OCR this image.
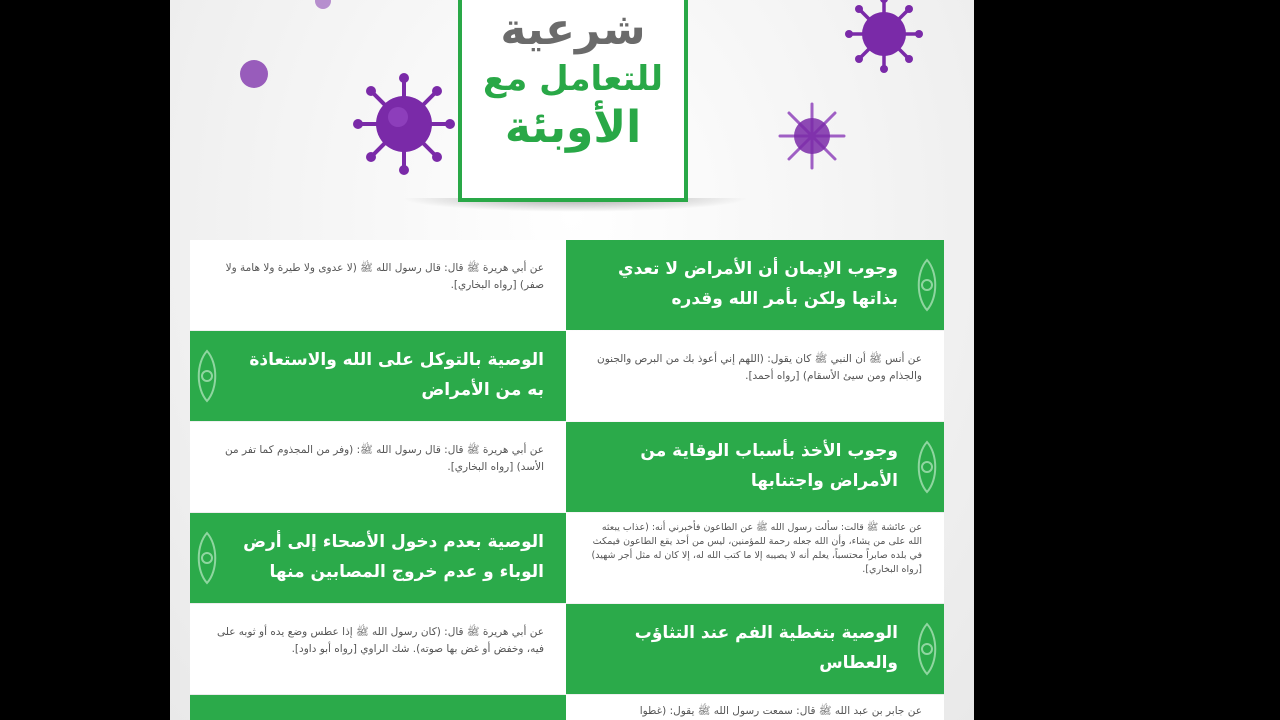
شرعية
للتعامل مع
الأوبئة
عن أبي هريرة ﷺ قال: قال رسول الله ﷺ (لا عدوى ولا طيرة ولا هامة ولا صفر) [رواه البخاري].
وجوب الإيمان أن الأمراض لا تعدي بذاتها ولكن بأمر الله وقدره
الوصية بالتوكل على الله والاستعاذة به من الأمراض
عن أنس ﷺ أن النبي ﷺ كان يقول: (اللهم إني أعوذ بك من البرص والجنون والجذام ومن سيئ الأسقام) [رواه أحمد].
عن أبي هريرة ﷺ قال: قال رسول الله ﷺ: (وفر من المجذوم كما تفر من الأسد) [رواه البخاري].
وجوب الأخذ بأسباب الوقاية من الأمراض واجتنابها
الوصية بعدم دخول الأصحاء إلى أرض الوباء و عدم خروج المصابين منها
عن عائشة ﷺ قالت: سألت رسول الله ﷺ عن الطاعون فأخبرني أنه: (عذاب يبعثه الله على من يشاء، وأن الله جعله رحمة للمؤمنين، ليس من أحد يقع الطاعون فيمكث في بلده صابراً محتسباً، يعلم أنه لا يصيبه إلا ما كتب الله له، إلا كان له مثل أجر شهيد) [رواه البخاري].
عن أبي هريرة ﷺ قال: (كان رسول الله ﷺ إذا عطس وضع يده أو ثوبه على فيه، وخفض أو غض بها صوته). شك الراوي [رواه أبو داود].
الوصية بتغطية الفم عند التثاؤب والعطاس
عن جابر بن عبد الله ﷺ قال: سمعت رسول الله ﷺ يقول: (غطوا
